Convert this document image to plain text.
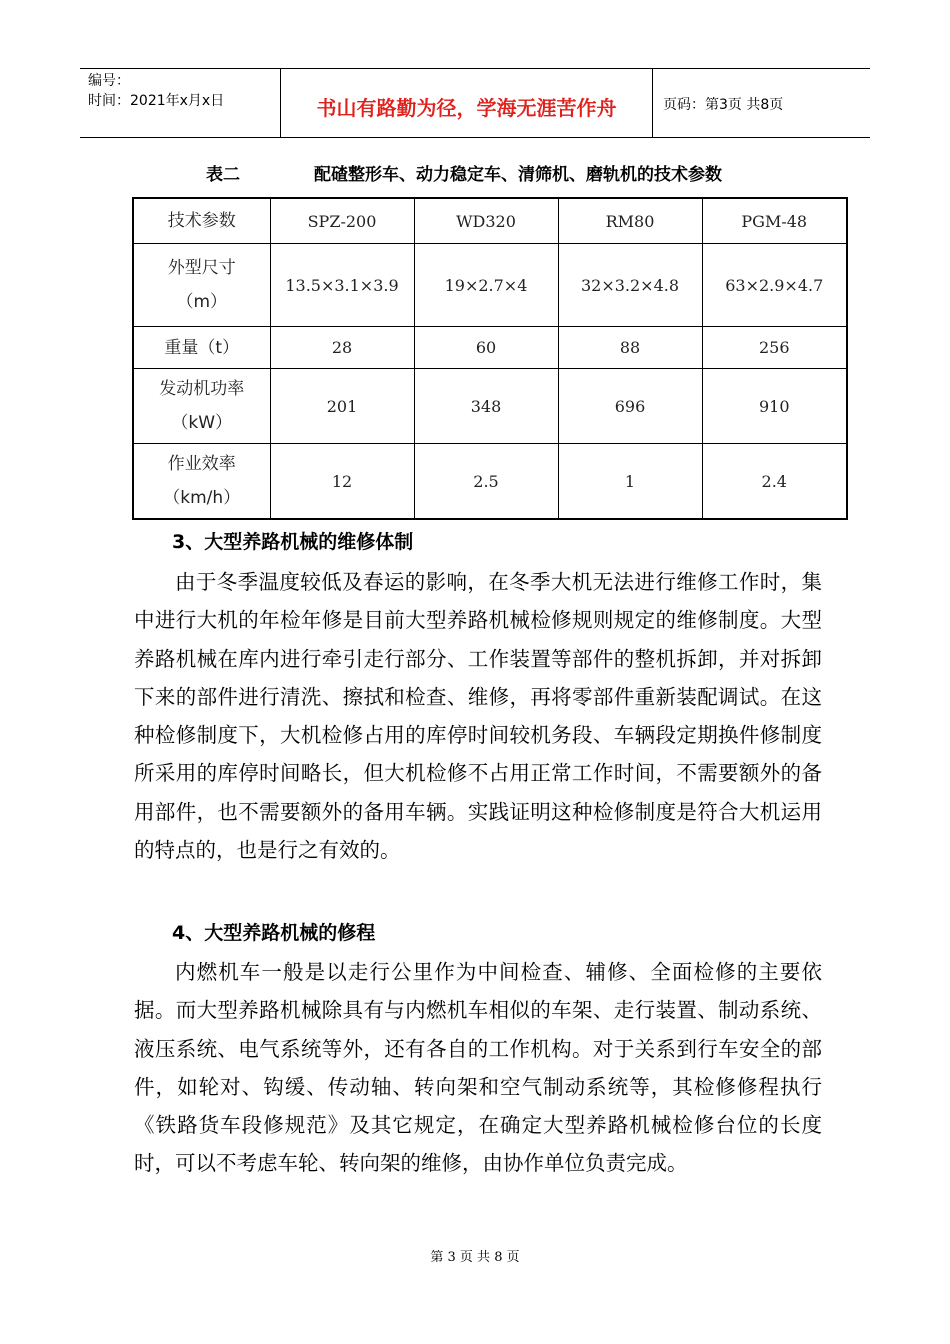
编号：
时间：2021年x月x日	书山有路勤为径，学海无涯苦作舟	页码：第3页 共8页
表二	配碴整形车、动力稳定车、清筛机、磨轨机的技术参数
技术参数	SPZ-200	WD320	RM80	PGM-48

外型尺寸
（m）	13.5×3.1×3.9	19×2.7×4	32×3.2×4.8	63×2.9×4.7

重量（t）	28	60	88	256

发动机功率
（kW）	201	348	696	910

作业效率
（km/h）	12	2.5	1	2.4
3、大型养路机械的维修体制
由于冬季温度较低及春运的影响，在冬季大机无法进行维修工作时，集中进行大机的年检年修是目前大型养路机械检修规则规定的维修制度。大型养路机械在库内进行牵引走行部分、工作装置等部件的整机拆卸，并对拆卸下来的部件进行清洗、擦拭和检查、维修，再将零部件重新装配调试。在这种检修制度下，大机检修占用的库停时间较机务段、车辆段定期换件修制度所采用的库停时间略长，但大机检修不占用正常工作时间，不需要额外的备用部件，也不需要额外的备用车辆。实践证明这种检修制度是符合大机运用的特点的，也是行之有效的。
4、大型养路机械的修程
内燃机车一般是以走行公里作为中间检查、辅修、全面检修的主要依据。而大型养路机械除具有与内燃机车相似的车架、走行装置、制动系统、液压系统、电气系统等外，还有各自的工作机构。对于关系到行车安全的部件，如轮对、钩缓、传动轴、转向架和空气制动系统等，其检修修程执行《铁路货车段修规范》及其它规定，在确定大型养路机械检修台位的长度时，可以不考虑车轮、转向架的维修，由协作单位负责完成。
第 3 页 共 8 页
